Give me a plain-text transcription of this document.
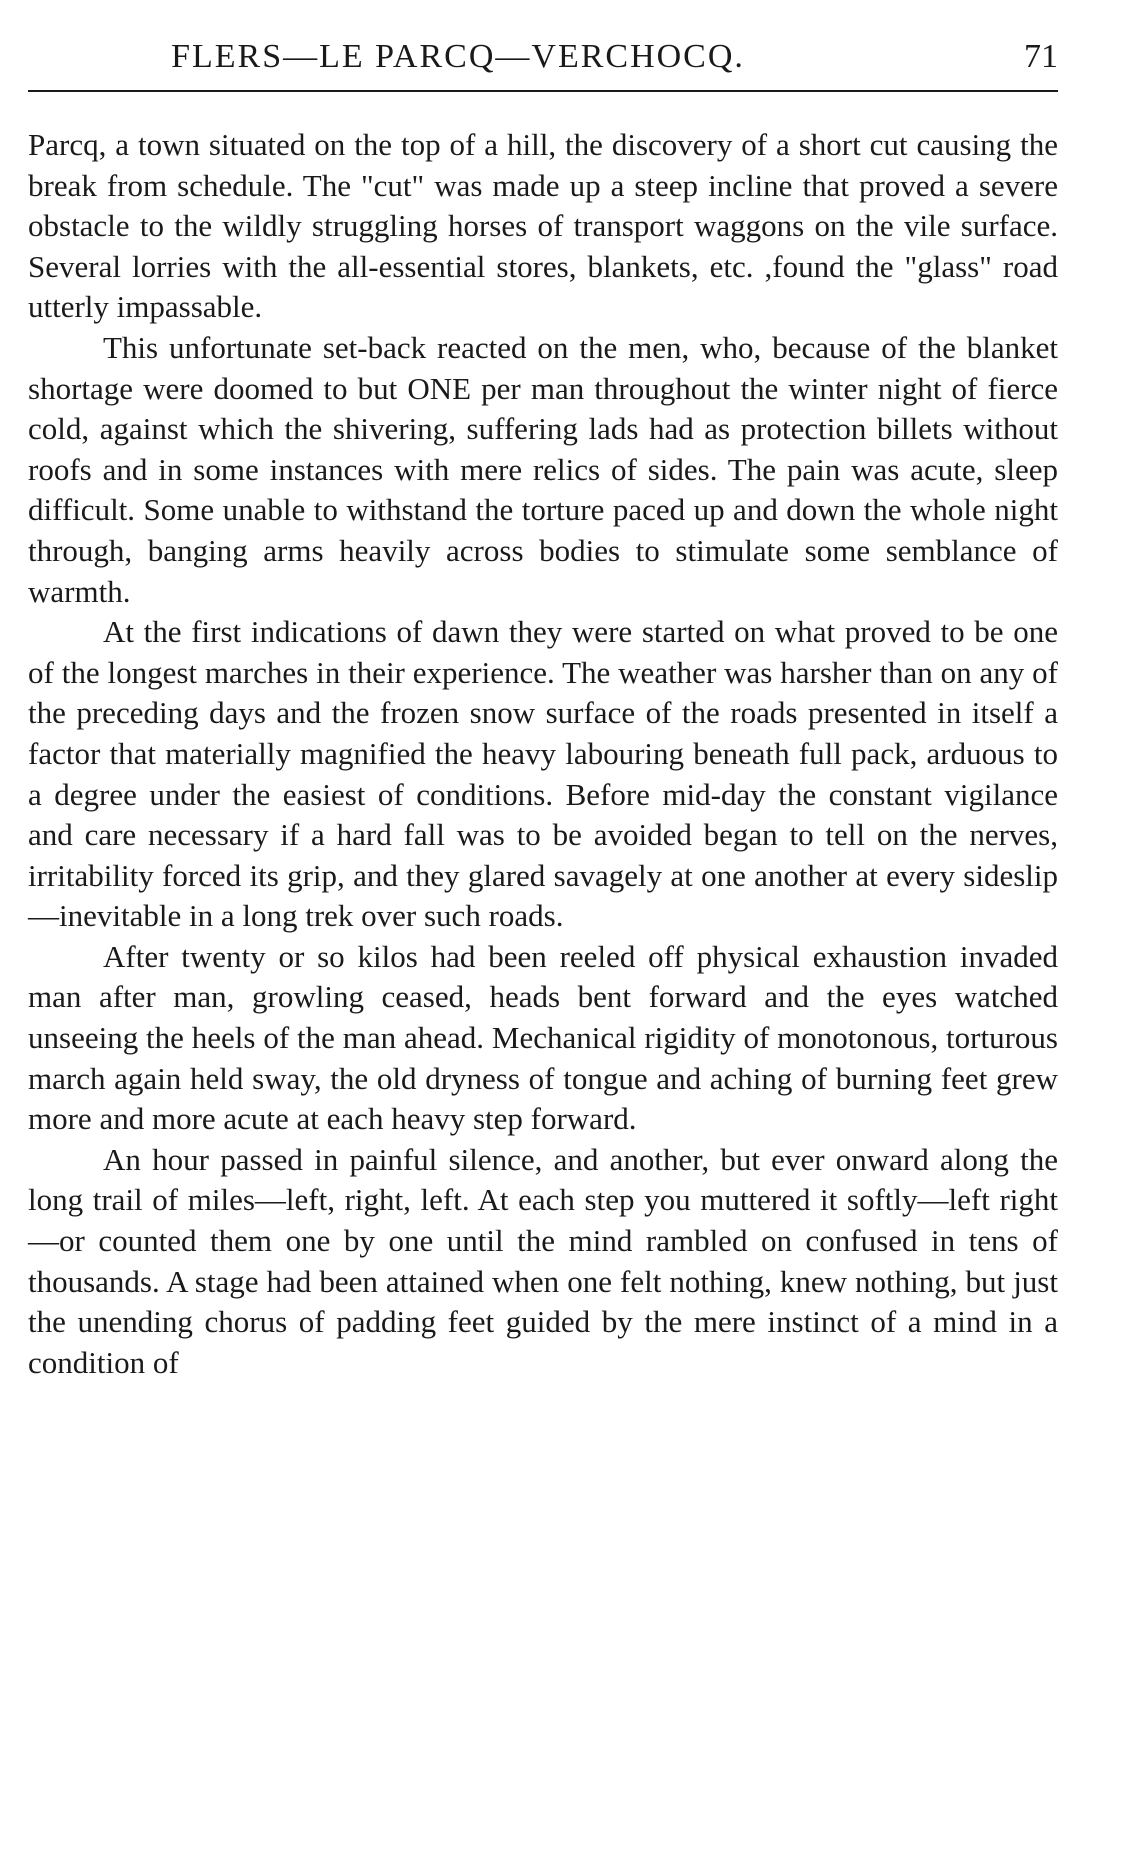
FLERS—LE PARCQ—VERCHOCQ.	71

Parcq, a town situated on the top of a hill, the discovery of a short cut causing the break from schedule. The "cut" was made up a steep incline that proved a severe obstacle to the wildly struggling horses of transport waggons on the vile surface. Several lorries with the all-essential stores, blankets, etc. ,found the "glass" road utterly impassable.

This unfortunate set-back reacted on the men, who, because of the blanket shortage were doomed to but ONE per man throughout the winter night of fierce cold, against which the shivering, suffering lads had as protection billets without roofs and in some instances with mere relics of sides. The pain was acute, sleep difficult. Some unable to withstand the torture paced up and down the whole night through, banging arms heavily across bodies to stimulate some semblance of warmth.

At the first indications of dawn they were started on what proved to be one of the longest marches in their experience. The weather was harsher than on any of the preceding days and the frozen snow surface of the roads presented in itself a factor that materially magnified the heavy labouring beneath full pack, arduous to a degree under the easiest of conditions. Before mid-day the constant vigilance and care necessary if a hard fall was to be avoided began to tell on the nerves, irritability forced its grip, and they glared savagely at one another at every sideslip—inevitable in a long trek over such roads.

After twenty or so kilos had been reeled off physical exhaustion invaded man after man, growling ceased, heads bent forward and the eyes watched unseeing the heels of the man ahead. Mechanical rigidity of monotonous, torturous march again held sway, the old dryness of tongue and aching of burning feet grew more and more acute at each heavy step forward.

An hour passed in painful silence, and another, but ever onward along the long trail of miles—left, right, left. At each step you muttered it softly—left right—or counted them one by one until the mind rambled on confused in tens of thousands. A stage had been attained when one felt nothing, knew nothing, but just the unending chorus of padding feet guided by the mere instinct of a mind in a condition of
